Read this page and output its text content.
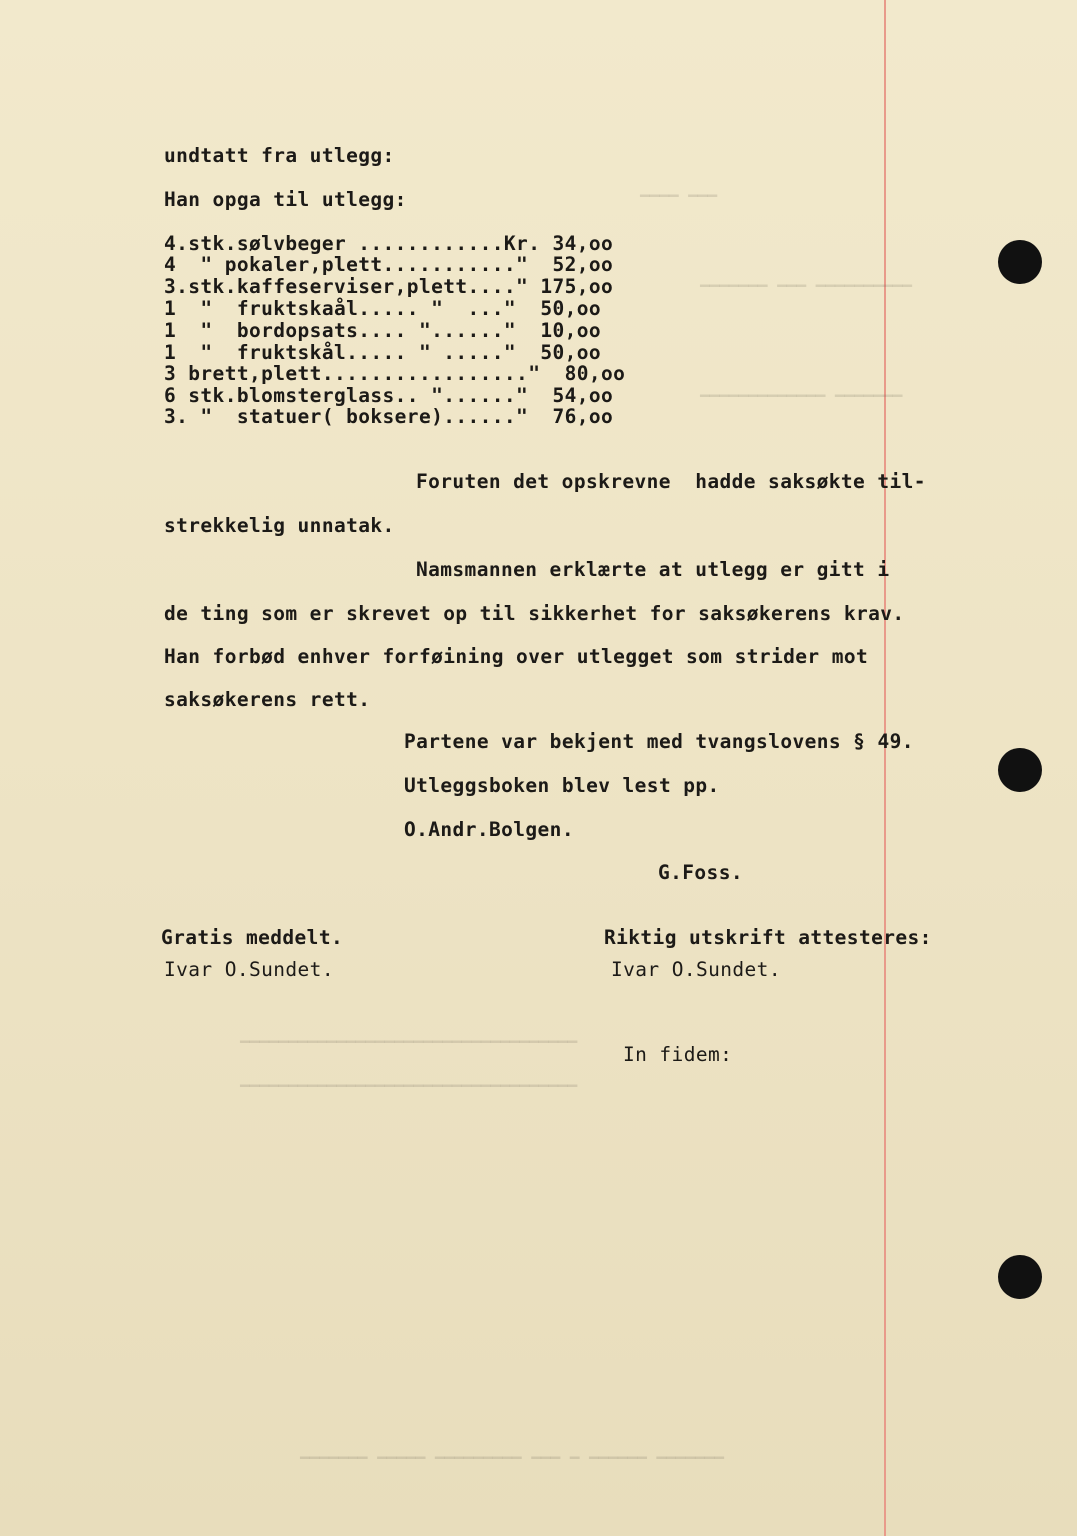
▁▁▁▁ ▁▁▁
▁▁▁▁▁▁▁ ▁▁▁ ▁▁▁▁▁▁▁▁▁▁
▁▁▁▁▁▁▁▁▁▁▁▁▁ ▁▁▁▁▁▁▁
▁▁▁▁▁▁▁▁▁▁▁▁▁▁▁▁▁▁▁▁▁▁▁▁▁▁▁▁▁▁▁▁▁▁▁
▁▁▁▁▁▁▁▁▁▁▁▁▁▁▁▁▁▁▁▁▁▁▁▁▁▁▁▁▁▁▁▁▁▁▁
▁▁▁▁▁▁▁ ▁▁▁▁▁ ▁▁▁▁▁▁▁▁▁ ▁▁▁ ▁ ▁▁▁▁▁▁ ▁▁▁▁▁▁▁
undtatt fra utlegg:
Han opga til utlegg:
4.stk.sølvbeger ............Kr. 34,oo
4  " pokaler,plett..........."  52,oo
3.stk.kaffeserviser,plett...." 175,oo
1  "  fruktskaål..... "  ..."  50,oo
1  "  bordopsats.... "......"  10,oo
1  "  fruktskål..... " ....."  50,oo
3 brett,plett................."  80,oo
6 stk.blomsterglass.. "......"  54,oo
3. "  statuer( boksere)......"  76,oo
Foruten det opskrevne  hadde saksøkte til-
strekkelig unnatak.
Namsmannen erklærte at utlegg er gitt i
de ting som er skrevet op til sikkerhet for saksøkerens krav.
Han forbød enhver forføining over utlegget som strider mot
saksøkerens rett.
Partene var bekjent med tvangslovens § 49.
Utleggsboken blev lest pp.
O.Andr.Bolgen.
G.Foss.
Gratis meddelt.
Ivar O.Sundet.
Riktig utskrift attesteres:
Ivar O.Sundet.
In fidem:
